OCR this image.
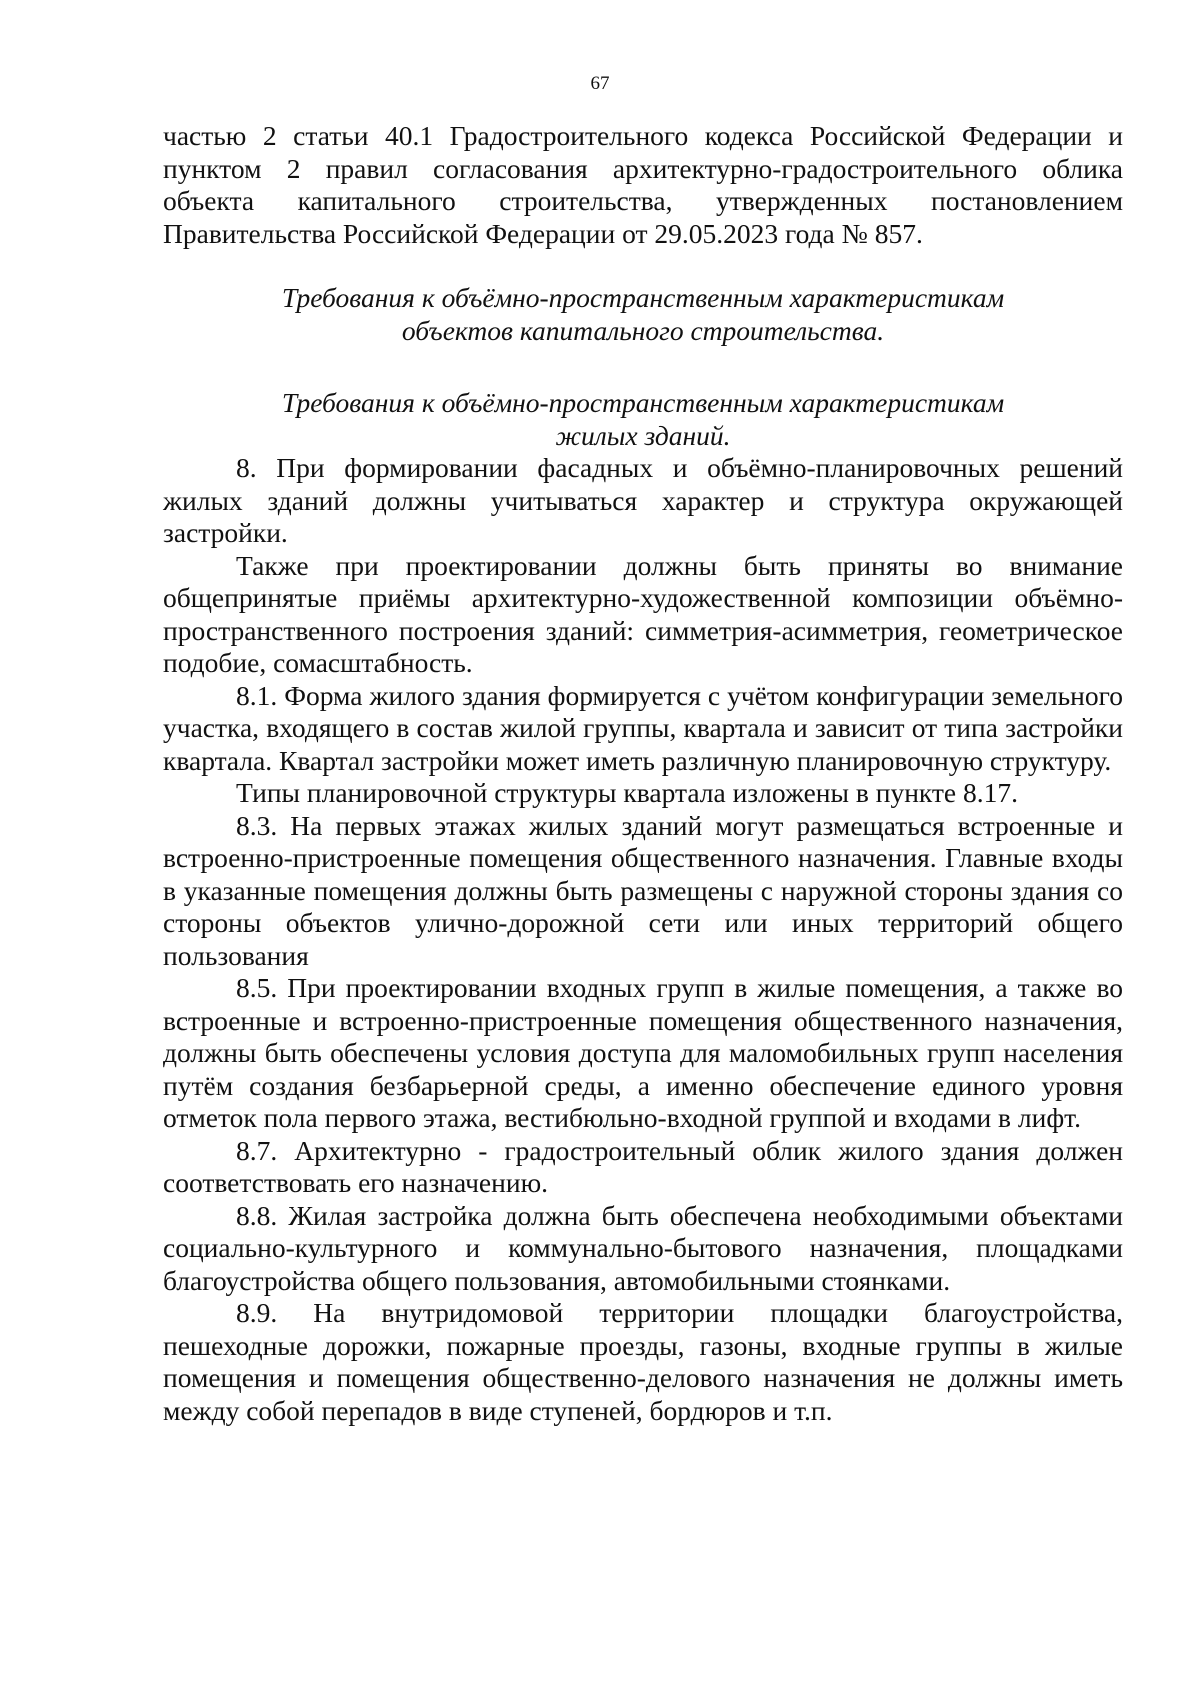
67

частью 2 статьи 40.1 Градостроительного кодекса Российской Федерации и пунктом 2 правил согласования архитектурно-градостроительного облика объекта капитального строительства, утвержденных постановлением Правительства Российской Федерации от 29.05.2023 года № 857.

Требования к объёмно-пространственным характеристикам
объектов капитального строительства.

Требования к объёмно-пространственным характеристикам
жилых зданий.

8. При формировании фасадных и объёмно-планировочных решений жилых зданий должны учитываться характер и структура окружающей застройки.

Также при проектировании должны быть приняты во внимание общепринятые приёмы архитектурно-художественной композиции объёмно-пространственного построения зданий: симметрия-асимметрия, геометрическое подобие, сомасштабность.

8.1. Форма жилого здания формируется с учётом конфигурации земельного участка, входящего в состав жилой группы, квартала и зависит от типа застройки квартала. Квартал застройки может иметь различную планировочную структуру.

Типы планировочной структуры квартала изложены в пункте 8.17.

8.3. На первых этажах жилых зданий могут размещаться встроенные и встроенно-пристроенные помещения общественного назначения. Главные входы в указанные помещения должны быть размещены с наружной стороны здания со стороны объектов улично-дорожной сети или иных территорий общего пользования

8.5. При проектировании входных групп в жилые помещения, а также во встроенные и встроенно-пристроенные помещения общественного назначения, должны быть обеспечены условия доступа для маломобильных групп населения путём создания безбарьерной среды, а именно обеспечение единого уровня отметок пола первого этажа, вестибюльно-входной группой и входами в лифт.

8.7. Архитектурно - градостроительный облик жилого здания должен соответствовать его назначению.

8.8. Жилая застройка должна быть обеспечена необходимыми объектами социально-культурного и коммунально-бытового назначения, площадками благоустройства общего пользования, автомобильными стоянками.

8.9. На внутридомовой территории площадки благоустройства, пешеходные дорожки, пожарные проезды, газоны, входные группы в жилые помещения и помещения общественно-делового назначения не должны иметь между собой перепадов в виде ступеней, бордюров и т.п.
